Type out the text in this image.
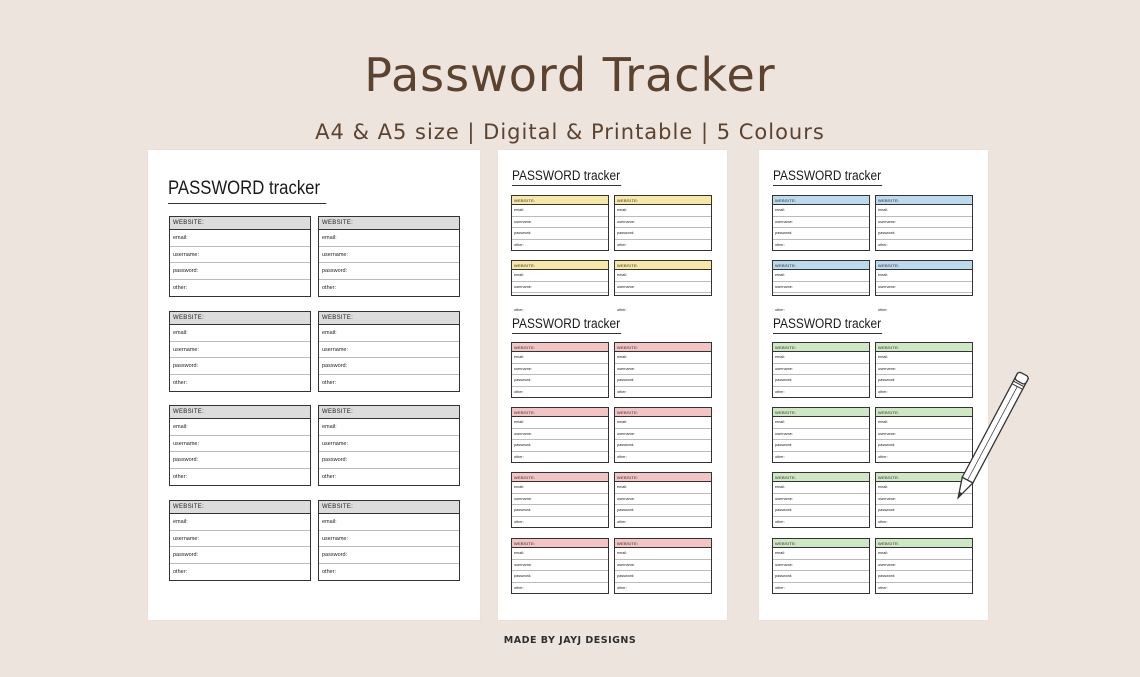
Password Tracker
A4 & A5 size | Digital & Printable | 5 Colours
PASSWORD tracker
WEBSITE:
email:
username:
password:
other:
WEBSITE:
email:
username:
password:
other:
WEBSITE:
email:
username:
password:
other:
WEBSITE:
email:
username:
password:
other:
WEBSITE:
email:
username:
password:
other:
WEBSITE:
email:
username:
password:
other:
WEBSITE:
email:
username:
password:
other:
WEBSITE:
email:
username:
password:
other:
PASSWORD tracker
WEBSITE:
email:
username:
password:
other:
WEBSITE:
email:
username:
password:
other:
WEBSITE:
email:
username:
other:
WEBSITE:
email:
username:
other:
PASSWORD tracker
WEBSITE:
email:
username:
password:
other:
WEBSITE:
email:
username:
password:
other:
WEBSITE:
email:
username:
password:
other:
WEBSITE:
email:
username:
password:
other:
WEBSITE:
email:
username:
password:
other:
WEBSITE:
email:
username:
password:
other:
WEBSITE:
email:
username:
password:
other:
WEBSITE:
email:
username:
password:
other:
PASSWORD tracker
WEBSITE:
email:
username:
password:
other:
WEBSITE:
email:
username:
password:
other:
WEBSITE:
email:
username:
other:
WEBSITE:
email:
username:
other:
PASSWORD tracker
WEBSITE:
email:
username:
password:
other:
WEBSITE:
email:
username:
password:
other:
WEBSITE:
email:
username:
password:
other:
WEBSITE:
email:
username:
password:
other:
WEBSITE:
email:
username:
password:
other:
WEBSITE:
email:
username:
password:
other:
WEBSITE:
email:
username:
password:
other:
WEBSITE:
email:
username:
password:
other:
MADE BY JAYJ DESIGNS
